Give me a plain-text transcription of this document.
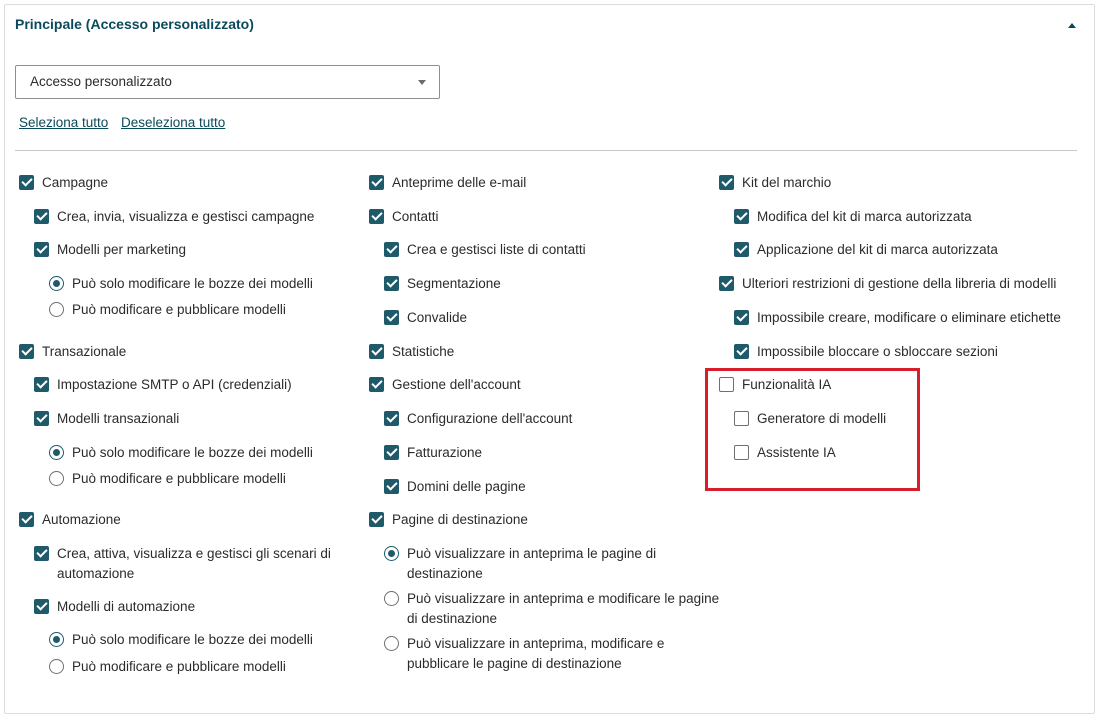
Principale (Accesso personalizzato)
Accesso personalizzato
Seleziona tutto Deseleziona tutto
Campagne
Crea, invia, visualizza e gestisci campagne
Modelli per marketing
Può solo modificare le bozze dei modelli
Può modificare e pubblicare modelli
Transazionale
Impostazione SMTP o API (credenziali)
Modelli transazionali
Può solo modificare le bozze dei modelli
Può modificare e pubblicare modelli
Automazione
Crea, attiva, visualizza e gestisci gli scenari di
automazione
Modelli di automazione
Può solo modificare le bozze dei modelli
Può modificare e pubblicare modelli
Anteprime delle e-mail
Contatti
Crea e gestisci liste di contatti
Segmentazione
Convalide
Statistiche
Gestione dell'account
Configurazione dell'account
Fatturazione
Domini delle pagine
Pagine di destinazione
Può visualizzare in anteprima le pagine di
destinazione
Può visualizzare in anteprima e modificare le pagine
di destinazione
Può visualizzare in anteprima, modificare e
pubblicare le pagine di destinazione
Kit del marchio
Modifica del kit di marca autorizzata
Applicazione del kit di marca autorizzata
Ulteriori restrizioni di gestione della libreria di modelli
Impossibile creare, modificare o eliminare etichette
Impossibile bloccare o sbloccare sezioni
Funzionalità IA
Generatore di modelli
Assistente IA
